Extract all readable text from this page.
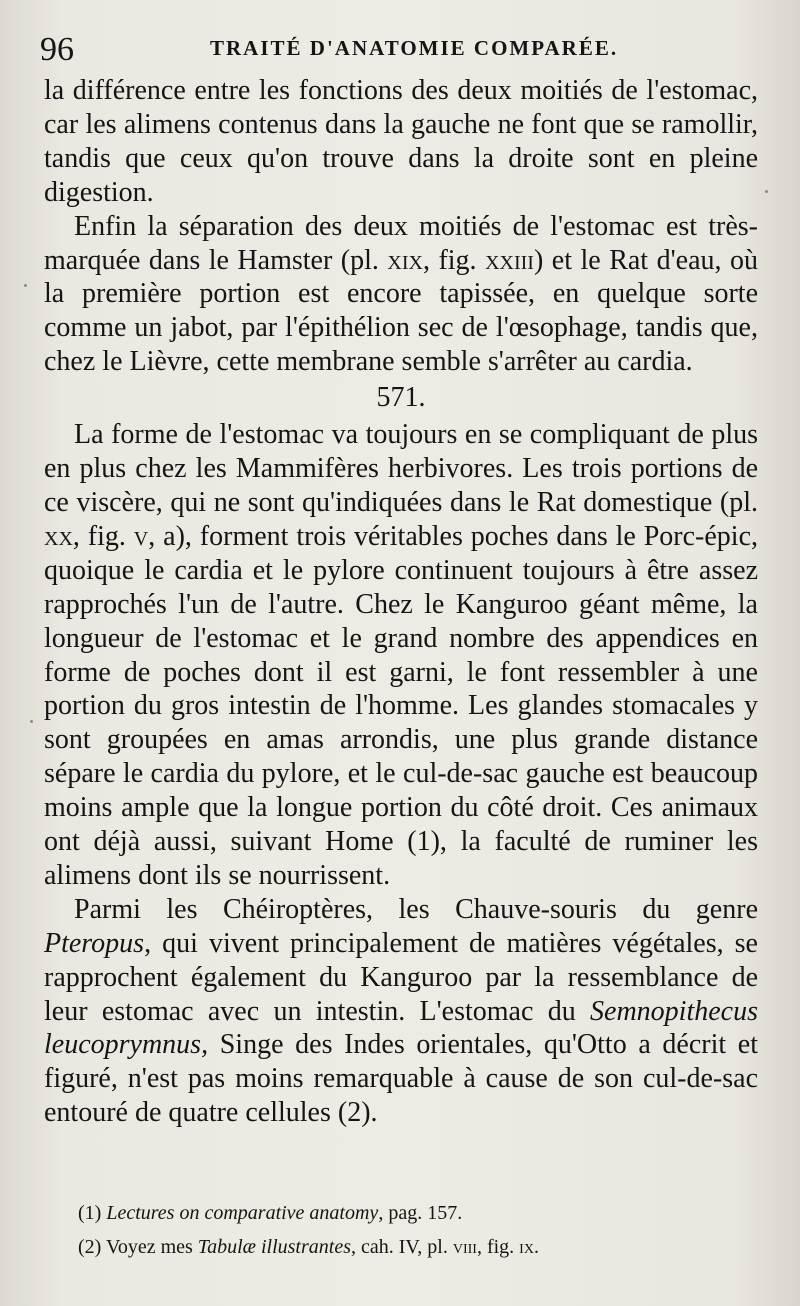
96	TRAITÉ D'ANATOMIE COMPARÉE.

la différence entre les fonctions des deux moitiés de l'estomac, car les alimens contenus dans la gauche ne font que se ramollir, tandis que ceux qu'on trouve dans la droite sont en pleine digestion.

Enfin la séparation des deux moitiés de l'estomac est très-marquée dans le Hamster (pl. xix, fig. xxiii) et le Rat d'eau, où la première portion est encore tapissée, en quelque sorte comme un jabot, par l'épithélion sec de l'œsophage, tandis que, chez le Lièvre, cette membrane semble s'arrêter au cardia.

571.

La forme de l'estomac va toujours en se compliquant de plus en plus chez les Mammifères herbivores. Les trois portions de ce viscère, qui ne sont qu'indiquées dans le Rat domestique (pl. xx, fig. v, a), forment trois véritables poches dans le Porc-épic, quoique le cardia et le pylore continuent toujours à être assez rapprochés l'un de l'autre. Chez le Kanguroo géant même, la longueur de l'estomac et le grand nombre des appendices en forme de poches dont il est garni, le font ressembler à une portion du gros intestin de l'homme. Les glandes stomacales y sont groupées en amas arrondis, une plus grande distance sépare le cardia du pylore, et le cul-de-sac gauche est beaucoup moins ample que la longue portion du côté droit. Ces animaux ont déjà aussi, suivant Home (1), la faculté de ruminer les alimens dont ils se nourrissent.

Parmi les Chéiroptères, les Chauve-souris du genre Pteropus, qui vivent principalement de matières végétales, se rapprochent également du Kanguroo par la ressemblance de leur estomac avec un intestin. L'estomac du Semnopithecus leucoprymnus, Singe des Indes orientales, qu'Otto a décrit et figuré, n'est pas moins remarquable à cause de son cul-de-sac entouré de quatre cellules (2).

(1) Lectures on comparative anatomy, pag. 157.

(2) Voyez mes Tabulæ illustrantes, cah. IV, pl. viii, fig. ix.
